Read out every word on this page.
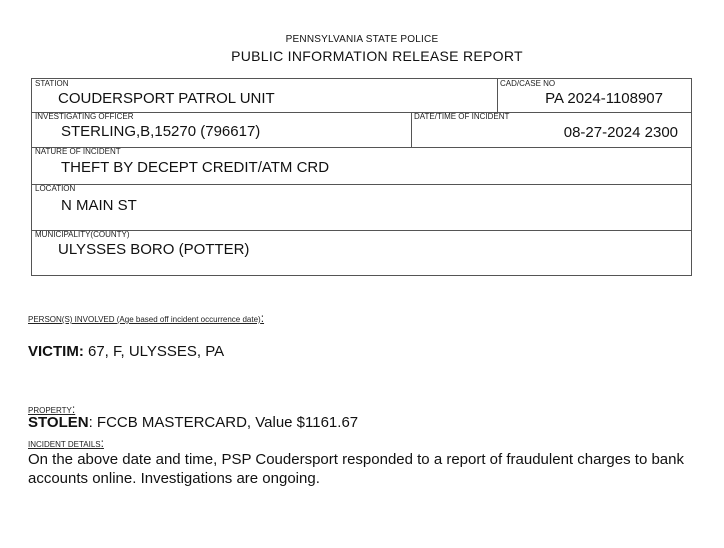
PENNSYLVANIA STATE POLICE
PUBLIC INFORMATION RELEASE REPORT
STATION
COUDERSPORT PATROL UNIT
CAD/CASE NO
PA 2024-1108907
INVESTIGATING OFFICER
STERLING,B,15270 (796617)
DATE/TIME OF INCIDENT
08-27-2024 2300
NATURE OF INCIDENT
THEFT BY DECEPT CREDIT/ATM CRD
LOCATION
N MAIN ST
MUNICIPALITY(COUNTY)
ULYSSES BORO (POTTER)
PERSON(S) INVOLVED (Age based off incident occurrence date):
VICTIM: 67, F, ULYSSES, PA
PROPERTY:
STOLEN: FCCB MASTERCARD, Value $1161.67
INCIDENT DETAILS:
On the above date and time, PSP Coudersport responded to a report of fraudulent charges to bank accounts online. Investigations are ongoing.
